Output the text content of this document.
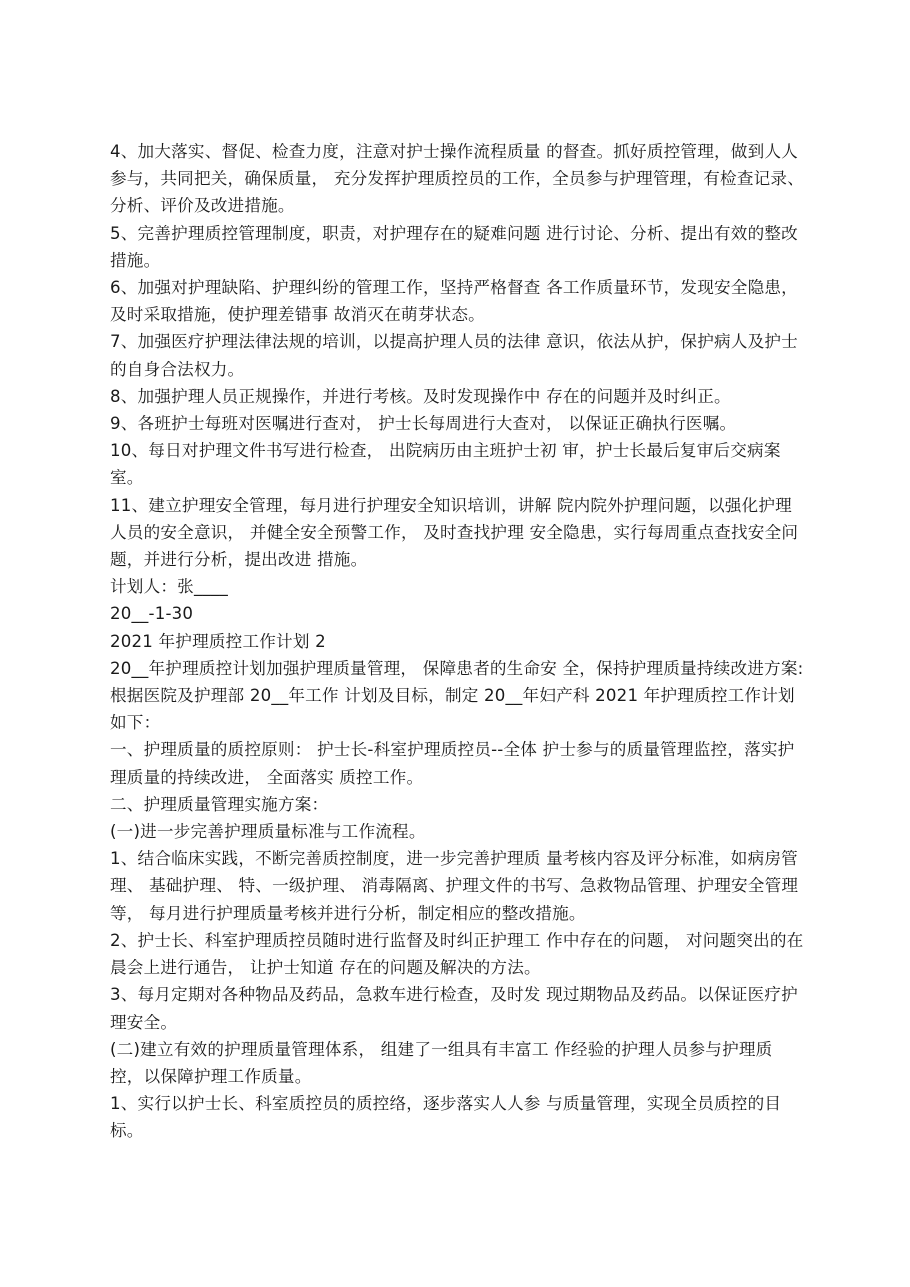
4、加大落实、督促、检查力度，注意对护士操作流程质量 的督查。抓好质控管理，做到人人参与，共同把关，确保质量， 充分发挥护理质控员的工作，全员参与护理管理，有检查记录、 分析、评价及改进措施。

5、完善护理质控管理制度，职责，对护理存在的疑难问题 进行讨论、分析、提出有效的整改措施。

6、加强对护理缺陷、护理纠纷的管理工作，坚持严格督查 各工作质量环节，发现安全隐患，及时采取措施，使护理差错事 故消灭在萌芽状态。

7、加强医疗护理法律法规的培训，以提高护理人员的法律 意识，依法从护，保护病人及护士的自身合法权力。

8、加强护理人员正规操作，并进行考核。及时发现操作中 存在的问题并及时纠正。

9、各班护士每班对医嘱进行查对， 护士长每周进行大查对， 以保证正确执行医嘱。

10、每日对护理文件书写进行检查， 出院病历由主班护士初 审，护士长最后复审后交病案室。

11、建立护理安全管理，每月进行护理安全知识培训，讲解 院内院外护理问题，以强化护理人员的安全意识， 并健全安全预警工作， 及时查找护理 安全隐患，实行每周重点查找安全问题，并进行分析，提出改进 措施。

计划人：张____

20__-1-30

2021 年护理质控工作计划 2

20__年护理质控计划加强护理质量管理， 保障患者的生命安 全，保持护理质量持续改进方案:根据医院及护理部 20__年工作 计划及目标，制定 20__年妇产科 2021 年护理质控工作计划如下：

一、护理质量的质控原则： 护士长-科室护理质控员--全体 护士参与的质量管理监控，落实护理质量的持续改进， 全面落实 质控工作。

二、护理质量管理实施方案：

(一)进一步完善护理质量标准与工作流程。

1、结合临床实践，不断完善质控制度，进一步完善护理质 量考核内容及评分标准，如病房管理、 基础护理、 特、一级护理、 消毒隔离、护理文件的书写、急救物品管理、护理安全管理等， 每月进行护理质量考核并进行分析，制定相应的整改措施。

2、护士长、科室护理质控员随时进行监督及时纠正护理工 作中存在的问题， 对问题突出的在晨会上进行通告， 让护士知道 存在的问题及解决的方法。

3、每月定期对各种物品及药品，急救车进行检查，及时发 现过期物品及药品。以保证医疗护理安全。

(二)建立有效的护理质量管理体系， 组建了一组具有丰富工 作经验的护理人员参与护理质控，以保障护理工作质量。

1、实行以护士长、科室质控员的质控络，逐步落实人人参 与质量管理，实现全员质控的目标。
